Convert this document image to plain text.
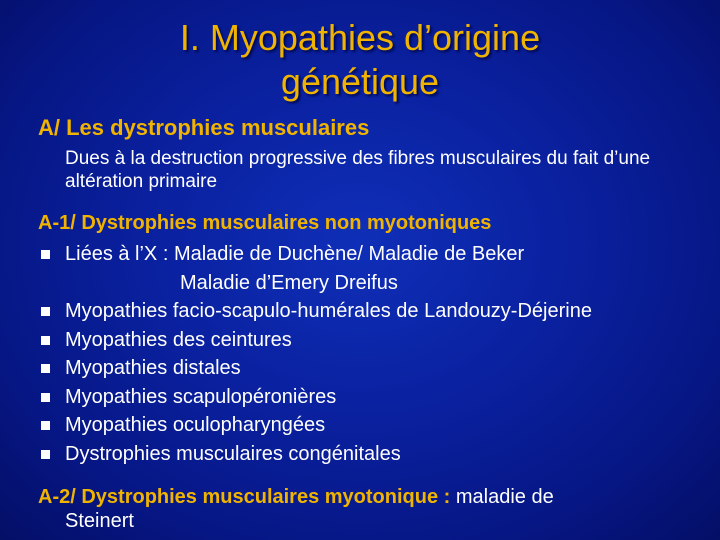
I. Myopathies d’origine
génétique
A/ Les dystrophies musculaires
Dues à la destruction progressive des fibres musculaires du fait d’une altération primaire
A-1/ Dystrophies musculaires non myotoniques
Liées à l’X : Maladie de Duchène/ Maladie de Beker
Maladie d’Emery Dreifus
Myopathies facio-scapulo-humérales de Landouzy-Déjerine
Myopathies des ceintures
Myopathies distales
Myopathies scapulopéronières
Myopathies oculopharyngées
Dystrophies musculaires congénitales
A-2/ Dystrophies musculaires myotonique : maladie de
Steinert
